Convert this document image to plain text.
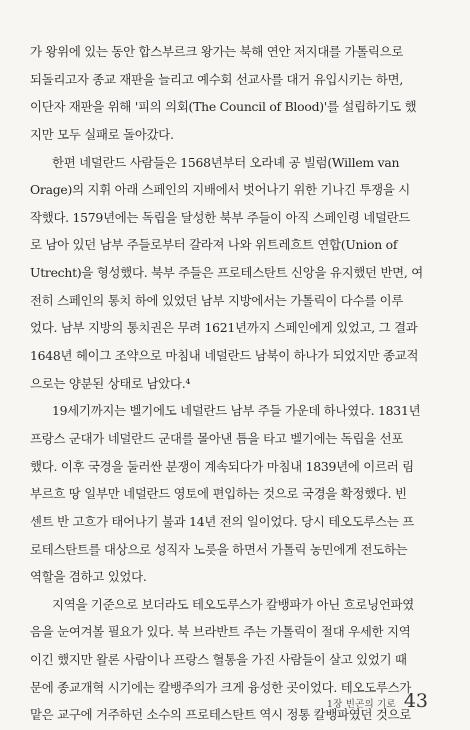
가 왕위에 있는 동안 합스부르크 왕가는 북해 연안 저지대를 가톨릭으로
되돌리고자 종교 재판을 늘리고 예수회 선교사를 대거 유입시키는 하면,
이단자 재판을 위해 '피의 의회(The Council of Blood)'를 설립하기도 했
지만 모두 실패로 돌아갔다.
한편 네덜란드 사람들은 1568년부터 오라녜 공 빌럼(Willem van
Orage)의 지휘 아래 스페인의 지배에서 벗어나기 위한 기나긴 투쟁을 시
작했다. 1579년에는 독립을 달성한 북부 주들이 아직 스페인령 네덜란드
로 남아 있던 남부 주들로부터 갈라져 나와 위트레흐트 연합(Union of
Utrecht)을 형성했다. 북부 주들은 프로테스탄트 신앙을 유지했던 반면, 여
전히 스페인의 통치 하에 있었던 남부 지방에서는 가톨릭이 다수를 이루
었다. 남부 지방의 통치권은 무려 1621년까지 스페인에게 있었고, 그 결과
1648년 헤이그 조약으로 마침내 네덜란드 남북이 하나가 되었지만 종교적
으로는 양분된 상태로 남았다.⁴
19세기까지는 벨기에도 네덜란드 남부 주들 가운데 하나였다. 1831년
프랑스 군대가 네덜란드 군대를 몰아낸 틈을 타고 벨기에는 독립을 선포
했다. 이후 국경을 둘러싼 분쟁이 계속되다가 마침내 1839년에 이르러 림
부르흐 땅 일부만 네덜란드 영토에 편입하는 것으로 국경을 확정했다. 빈
센트 반 고흐가 태어나기 불과 14년 전의 일이었다. 당시 테오도루스는 프
로테스탄트를 대상으로 성직자 노릇을 하면서 가톨릭 농민에게 전도하는
역할을 겸하고 있었다.
지역을 기준으로 보더라도 테오도루스가 칼뱅파가 아닌 흐로닝언파였
음을 눈여겨볼 필요가 있다. 북 브라반트 주는 가톨릭이 절대 우세한 지역
이긴 했지만 왈론 사람이나 프랑스 혈통을 가진 사람들이 살고 있었기 때
문에 종교개혁 시기에는 칼뱅주의가 크게 융성한 곳이었다. 테오도루스가
맡은 교구에 거주하던 소수의 프로테스탄트 역시 정통 칼뱅파였던 것으로
1장 빈곤의 기로 43
